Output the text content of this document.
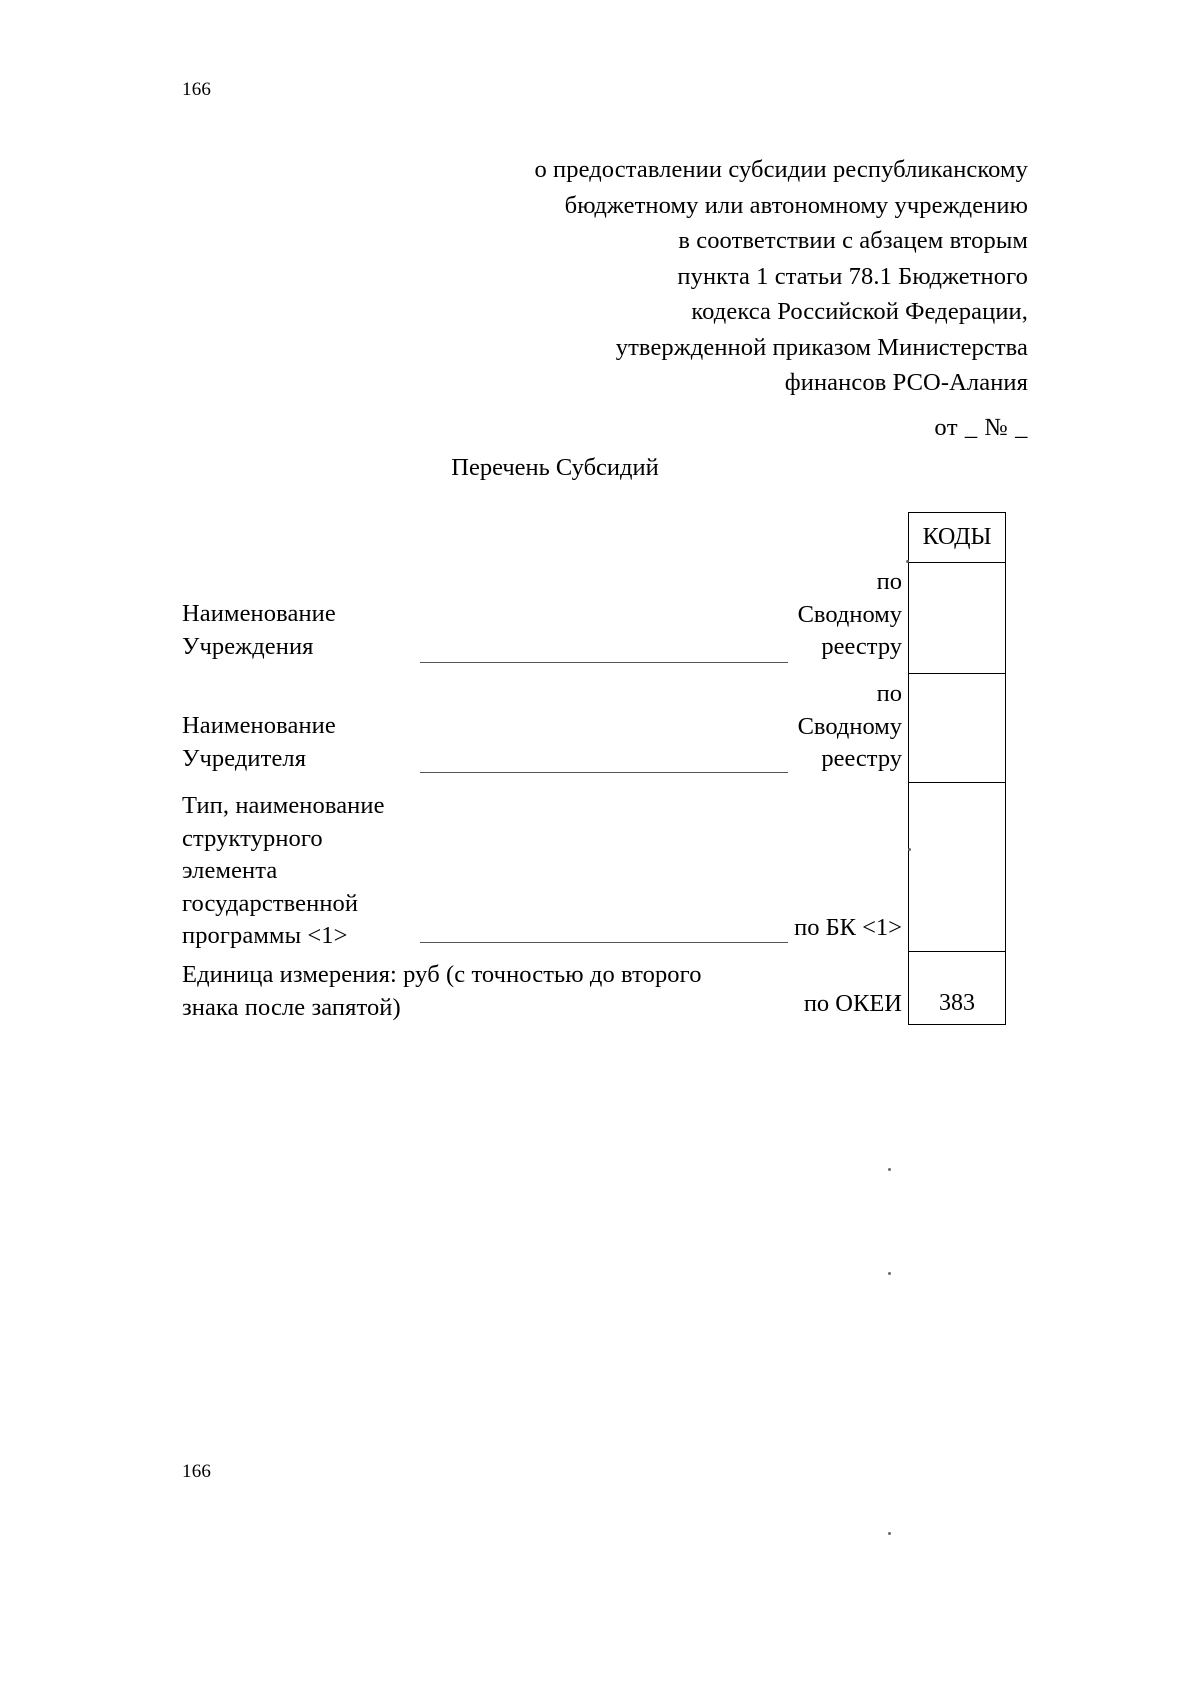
166
166
о предоставлении субсидии республиканскому
бюджетному или автономному учреждению
в соответствии с абзацем вторым
пункта 1 статьи 78.1 Бюджетного
кодекса Российской Федерации,
утвержденной приказом Министерства
финансов РСО-Алания
от _ № _
Перечень Субсидий
КОДЫ
383
Наименование
Учреждения
по
Сводному
реестру
Наименование
Учредителя
по
Сводному
реестру
Тип, наименование
структурного
элемента
государственной
программы <1>	по БК <1>
Единица измерения: руб (с точностью до второго
знака после запятой)	по ОКЕИ
